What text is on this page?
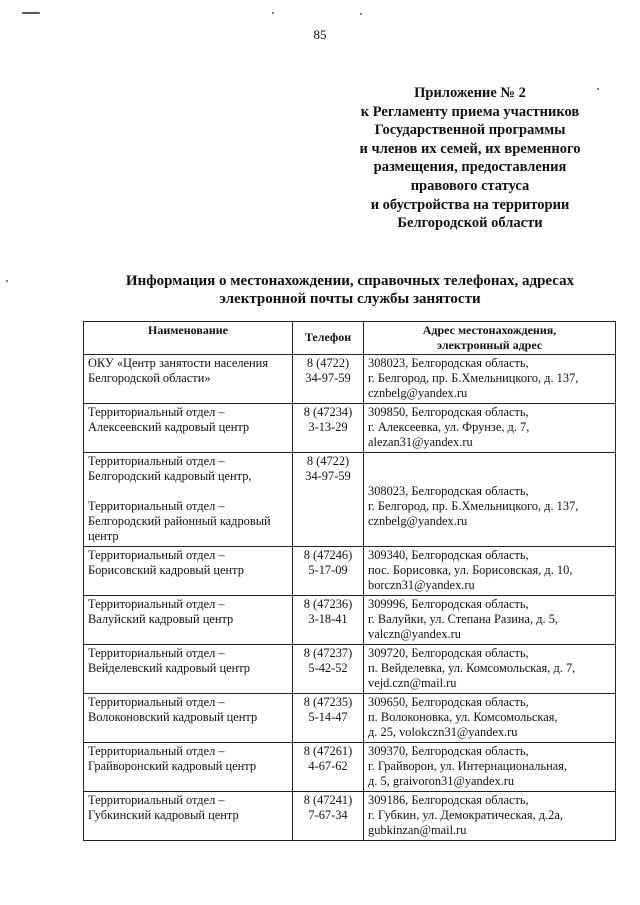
85
Приложение № 2
к Регламенту приема участников
Государственной программы
и членов их семей, их временного
размещения, предоставления
правового статуса
и обустройства на территории
Белгородской области
Информация о местонахождении, справочных телефонах, адресах
электронной почты службы занятости
Наименование	Телефон	Адрес местонахождения,
электронный адрес

ОКУ «Центр занятости населения
Белгородской области»	8 (4722)
34-97-59	308023, Белгородская область,
г. Белгород, пр. Б.Хмельницкого, д. 137,
cznbelg@yandex.ru

Территориальный отдел –
Алексеевский кадровый центр	8 (47234)
3-13-29	309850, Белгородская область,
г. Алексеевка, ул. Фрунзе, д. 7,
alezan31@yandex.ru

Территориальный отдел –
Белгородский кадровый центр,
Территориальный отдел –
Белгородский районный кадровый
центр	8 (4722)
34-97-59	308023, Белгородская область,
г. Белгород, пр. Б.Хмельницкого, д. 137,
cznbelg@yandex.ru

Территориальный отдел –
Борисовский кадровый центр	8 (47246)
5-17-09	309340, Белгородская область,
пос. Борисовка, ул. Борисовская, д. 10,
borczn31@yandex.ru

Территориальный отдел –
Валуйский кадровый центр	8 (47236)
3-18-41	309996, Белгородская область,
г. Валуйки, ул. Степана Разина, д. 5,
valczn@yandex.ru

Территориальный отдел –
Вейделевский кадровый центр	8 (47237)
5-42-52	309720, Белгородская область,
п. Вейделевка, ул. Комсомольская, д. 7,
vejd.czn@mail.ru

Территориальный отдел –
Волоконовский кадровый центр	8 (47235)
5-14-47	309650, Белгородская область,
п. Волоконовка, ул. Комсомольская,
д. 25, volokczn31@yandex.ru

Территориальный отдел –
Грайворонский кадровый центр	8 (47261)
4-67-62	309370, Белгородская область,
г. Грайворон, ул. Интернациональная,
д. 5, graivoron31@yandex.ru

Территориальный отдел –
Губкинский кадровый центр	8 (47241)
7-67-34	309186, Белгородская область,
г. Губкин, ул. Демократическая, д.2а,
gubkinzan@mail.ru
